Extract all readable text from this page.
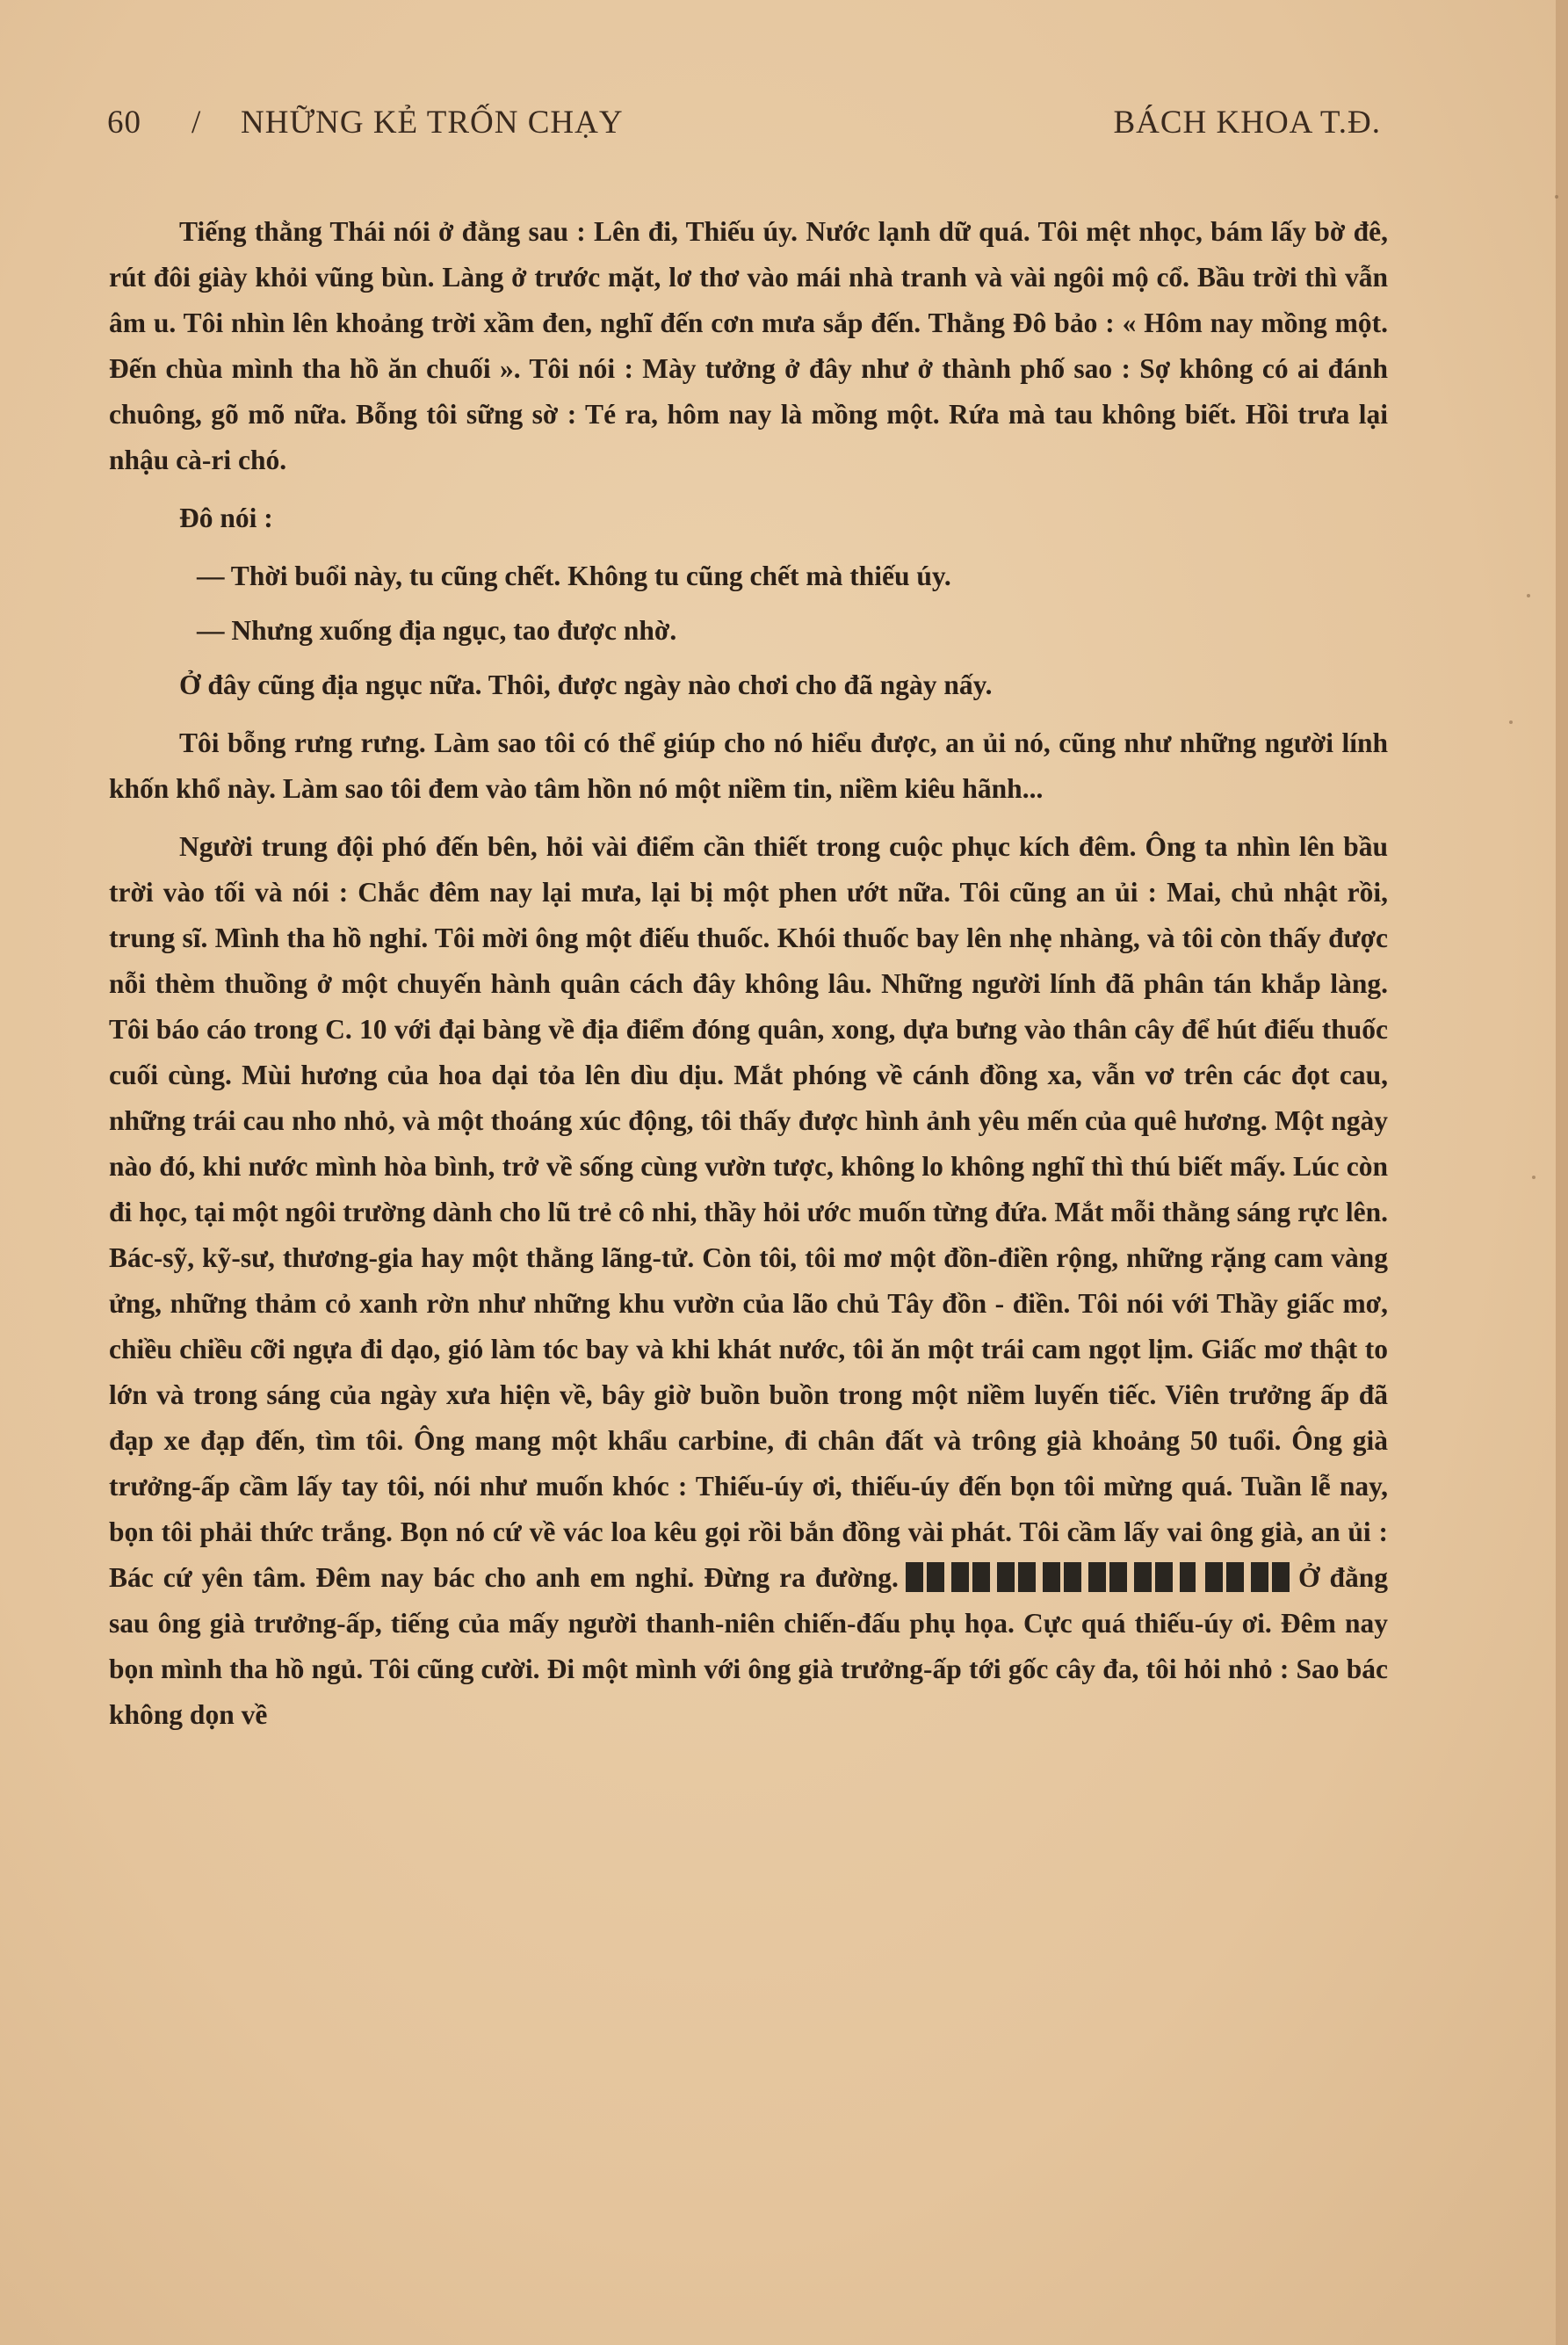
60 / NHỮNG KẺ TRỐN CHẠY	BÁCH KHOA T.Đ.

Tiếng thằng Thái nói ở đằng sau : Lên đi, Thiếu úy. Nước lạnh dữ quá. Tôi mệt nhọc, bám lấy bờ đê, rút đôi giày khỏi vũng bùn. Làng ở trước mặt, lơ thơ vào mái nhà tranh và vài ngôi mộ cổ. Bầu trời thì vẫn âm u. Tôi nhìn lên khoảng trời xầm đen, nghĩ đến cơn mưa sắp đến. Thằng Đô bảo : « Hôm nay mồng một. Đến chùa mình tha hồ ăn chuối ». Tôi nói : Mày tưởng ở đây như ở thành phố sao : Sợ không có ai đánh chuông, gõ mõ nữa. Bỗng tôi sững sờ : Té ra, hôm nay là mồng một. Rứa mà tau không biết. Hồi trưa lại nhậu cà-ri chó.

Đô nói :

— Thời buổi này, tu cũng chết. Không tu cũng chết mà thiếu úy.

— Nhưng xuống địa ngục, tao được nhờ.

Ở đây cũng địa ngục nữa. Thôi, được ngày nào chơi cho đã ngày nấy.

Tôi bỗng rưng rưng. Làm sao tôi có thể giúp cho nó hiểu được, an ủi nó, cũng như những người lính khốn khổ này. Làm sao tôi đem vào tâm hồn nó một niềm tin, niềm kiêu hãnh...

Người trung đội phó đến bên, hỏi vài điểm cần thiết trong cuộc phục kích đêm. Ông ta nhìn lên bầu trời vào tối và nói : Chắc đêm nay lại mưa, lại bị một phen ướt nữa. Tôi cũng an ủi : Mai, chủ nhật rồi, trung sĩ. Mình tha hồ nghỉ. Tôi mời ông một điếu thuốc. Khói thuốc bay lên nhẹ nhàng, và tôi còn thấy được nỗi thèm thuồng ở một chuyến hành quân cách đây không lâu. Những người lính đã phân tán khắp làng. Tôi báo cáo trong C. 10 với đại bàng về địa điểm đóng quân, xong, dựa bưng vào thân cây để hút điếu thuốc cuối cùng. Mùi hương của hoa dại tỏa lên dìu dịu. Mắt phóng về cánh đồng xa, vẫn vơ trên các đọt cau, những trái cau nho nhỏ, và một thoáng xúc động, tôi thấy được hình ảnh yêu mến của quê hương. Một ngày nào đó, khi nước mình hòa bình, trở về sống cùng vườn tược, không lo không nghĩ thì thú biết mấy. Lúc còn đi học, tại một ngôi trường dành cho lũ trẻ cô nhi, thầy hỏi ước muốn từng đứa. Mắt mỗi thằng sáng rực lên. Bác-sỹ, kỹ-sư, thương-gia hay một thằng lãng-tử. Còn tôi, tôi mơ một đồn-điền rộng, những rặng cam vàng ửng, những thảm cỏ xanh rờn như những khu vườn của lão chủ Tây đồn - điền. Tôi nói với Thầy giấc mơ, chiều chiều cỡi ngựa đi dạo, gió làm tóc bay và khi khát nước, tôi ăn một trái cam ngọt lịm. Giấc mơ thật to lớn và trong sáng của ngày xưa hiện về, bây giờ buồn buồn trong một niềm luyến tiếc. Viên trưởng ấp đã đạp xe đạp đến, tìm tôi. Ông mang một khẩu carbine, đi chân đất và trông già khoảng 50 tuổi. Ông già trưởng-ấp cầm lấy tay tôi, nói như muốn khóc : Thiếu-úy ơi, thiếu-úy đến bọn tôi mừng quá. Tuần lễ nay, bọn tôi phải thức trắng. Bọn nó cứ về vác loa kêu gọi rồi bắn đồng vài phát. Tôi cầm lấy vai ông già, an ủi : Bác cứ yên tâm. Đêm nay bác cho anh em nghỉ. Đừng ra đường.	Ở đằng sau ông già trưởng-ấp, tiếng của mấy người thanh-niên chiến-đấu phụ họa. Cực quá thiếu-úy ơi. Đêm nay bọn mình tha hồ ngủ. Tôi cũng cười. Đi một mình với ông già trưởng-ấp tới gốc cây đa, tôi hỏi nhỏ : Sao bác không dọn về
